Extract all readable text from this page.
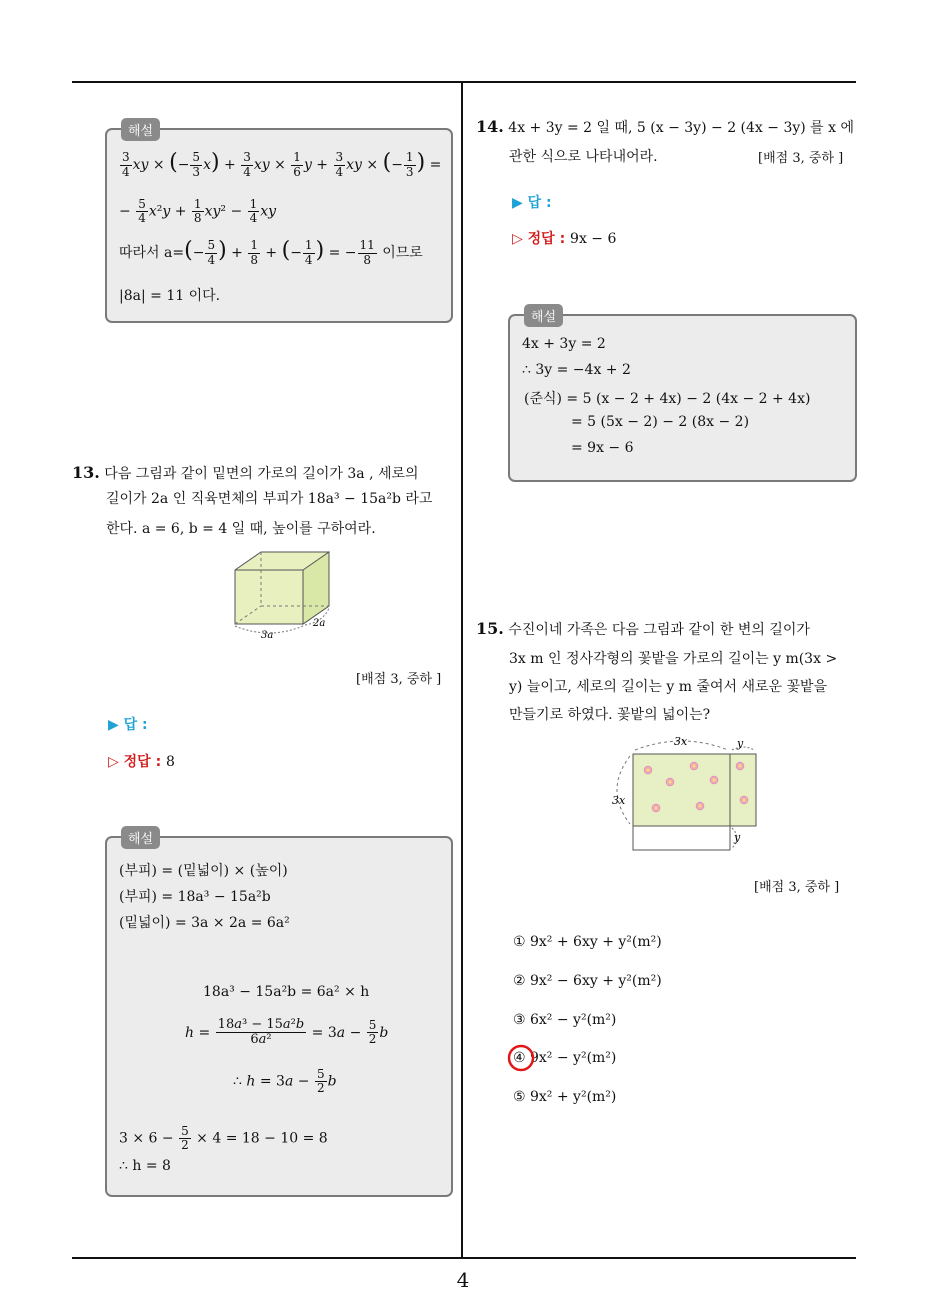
4
해설
$\frac{3}{4}$ xy × (− $\frac{5}{3} x) + \frac{3}{4}$ xy × $\frac{1}{6}$ $y + \frac{3}{4}$ xy × (− $\frac{1}{3}$ ) =
− $\frac{5}{4} x^2y + \frac{1}{8} xy^2 - \frac{1}{4}$ xy
따라서 $a=(- \frac{5}{4}$ ) + $\frac{1}{8}$ + (− $\frac{1}{4}$ ) = − $\frac{11}{8}$ 이므로
|8a| = 11 이다.
13. 다음 그림과 같이 밑면의 가로의 길이가 3a , 세로의
길이가 2a 인 직육면체의 부피가 18a³ − 15a²b 라고
한다. a = 6, b = 4 일 때, 높이를 구하여라.
3a
2a
[배점 3, 중하 ]
▶ 답 :
▷ 정답 : 8
해설
(부피) = (밑넓이) × (높이)
(부피) = 18a³ − 15a²b
(밑넓이) = 3a × 2a = 6a²
18a³ − 15a²b = 6a² × h
$h = \frac{\text{18a³ − 15a²b}}{\text{6a²}} = 3a - \frac{5}{2}$ b
∴ $h = 3a - \frac{5}{2}$ b
$3 \times 6 - \frac{5}{2} \times 4 = 18 - 10 = 8$
∴ h = 8
14. 4x + 3y = 2 일 때, 5 (x − 3y) − 2 (4x − 3y) 를 x 에
관한 식으로 나타내어라.	[배점 3, 중하 ]
▶ 답 :
▷ 정답 : 9x − 6
해설
4x + 3y = 2
∴ 3y = −4x + 2
(준식) = 5 (x − 2 + 4x) − 2 (4x − 2 + 4x)
= 5 (5x − 2) − 2 (8x − 2)
= 9x − 6
15. 수진이네 가족은 다음 그림과 같이 한 변의 길이가
3x m 인 정사각형의 꽃밭을 가로의 길이는 y m(3x >
y) 늘이고, 세로의 길이는 y m 줄여서 새로운 꽃밭을
만들기로 하였다. 꽃밭의 넓이는?
3x	y
3x
y
[배점 3, 중하 ]
① 9x² + 6xy + y²(m²)
② 9x² − 6xy + y²(m²)
③ 6x² − y²(m²)
④ 9x² − y²(m²)
⑤ 9x² + y²(m²)
